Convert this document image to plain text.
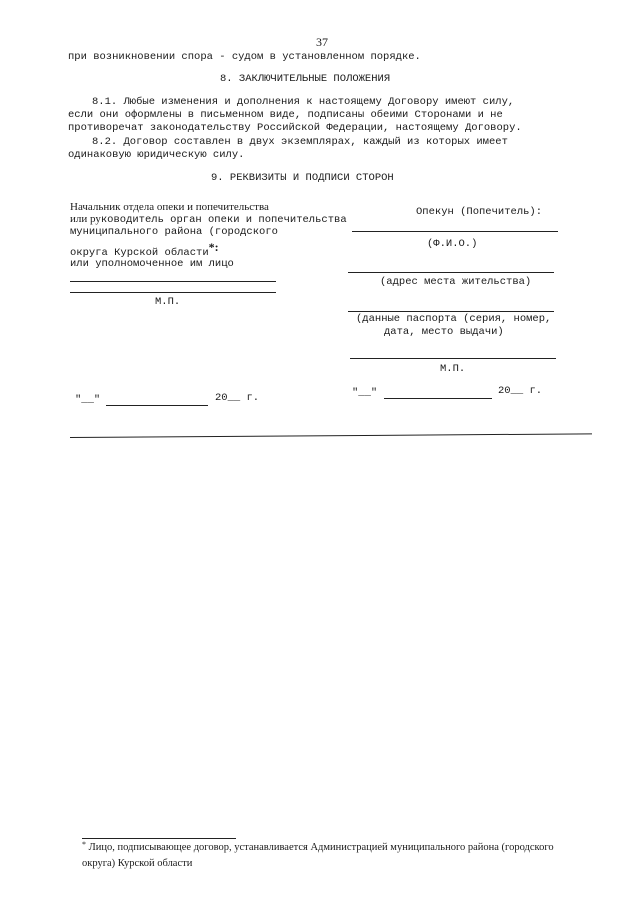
37
при возникновении спора - судом в установленном порядке.
8. ЗАКЛЮЧИТЕЛЬНЫЕ ПОЛОЖЕНИЯ
8.1. Любые изменения и дополнения к настоящему Договору имеют силу,
если они оформлены в письменном виде, подписаны обеими Сторонами и не
противоречат законодательству Российской Федерации, настоящему Договору.
8.2. Договор составлен в двух экземплярах, каждый из которых имеет
одинаковую юридическую силу.
9. РЕКВИЗИТЫ И ПОДПИСИ СТОРОН
Начальник отдела опеки и попечительства
или руководитель орган опеки и попечительства
муниципального района (городского
округа Курской области*:
или уполномоченное им лицо
М.П.
"__"	20__ г.
Опекун (Попечитель):
(Ф.И.О.)
(адрес места жительства)
(данные паспорта (серия, номер,
дата, место выдачи)
М.П.
"__"	20__ г.
* Лицо, подписывающее договор, устанавливается Администрацией муниципального района (городского
округа) Курской области
